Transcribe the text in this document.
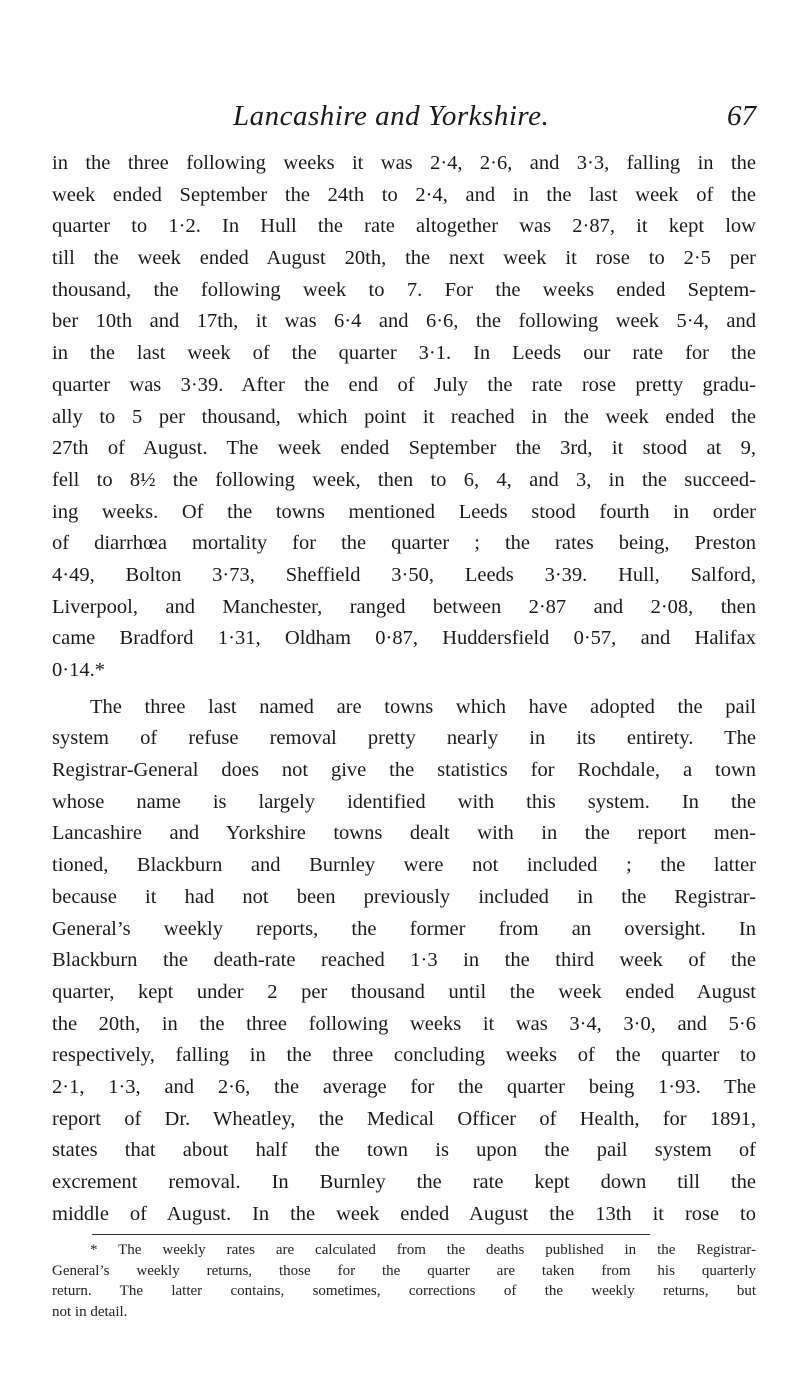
Lancashire and Yorkshire.	67
in the three following weeks it was 2·4, 2·6, and 3·3, falling in the
week ended September the 24th to 2·4, and in the last week of the
quarter to 1·2. In Hull the rate altogether was 2·87, it kept low
till the week ended August 20th, the next week it rose to 2·5 per
thousand, the following week to 7. For the weeks ended Septem-
ber 10th and 17th, it was 6·4 and 6·6, the following week 5·4, and
in the last week of the quarter 3·1. In Leeds our rate for the
quarter was 3·39. After the end of July the rate rose pretty gradu-
ally to 5 per thousand, which point it reached in the week ended the
27th of August. The week ended September the 3rd, it stood at 9,
fell to 8½ the following week, then to 6, 4, and 3, in the succeed-
ing weeks. Of the towns mentioned Leeds stood fourth in order
of diarrhœa mortality for the quarter ; the rates being, Preston
4·49, Bolton 3·73, Sheffield 3·50, Leeds 3·39. Hull, Salford,
Liverpool, and Manchester, ranged between 2·87 and 2·08, then
came Bradford 1·31, Oldham 0·87, Huddersfield 0·57, and Halifax
0·14.*
The three last named are towns which have adopted the pail
system of refuse removal pretty nearly in its entirety. The
Registrar-General does not give the statistics for Rochdale, a town
whose name is largely identified with this system. In the
Lancashire and Yorkshire towns dealt with in the report men-
tioned, Blackburn and Burnley were not included ; the latter
because it had not been previously included in the Registrar-
General’s weekly reports, the former from an oversight. In
Blackburn the death-rate reached 1·3 in the third week of the
quarter, kept under 2 per thousand until the week ended August
the 20th, in the three following weeks it was 3·4, 3·0, and 5·6
respectively, falling in the three concluding weeks of the quarter to
2·1, 1·3, and 2·6, the average for the quarter being 1·93. The
report of Dr. Wheatley, the Medical Officer of Health, for 1891,
states that about half the town is upon the pail system of
excrement removal. In Burnley the rate kept down till the
middle of August. In the week ended August the 13th it rose to
* The weekly rates are calculated from the deaths published in the Registrar-
General’s weekly returns, those for the quarter are taken from his quarterly
return. The latter contains, sometimes, corrections of the weekly returns, but
not in detail.
